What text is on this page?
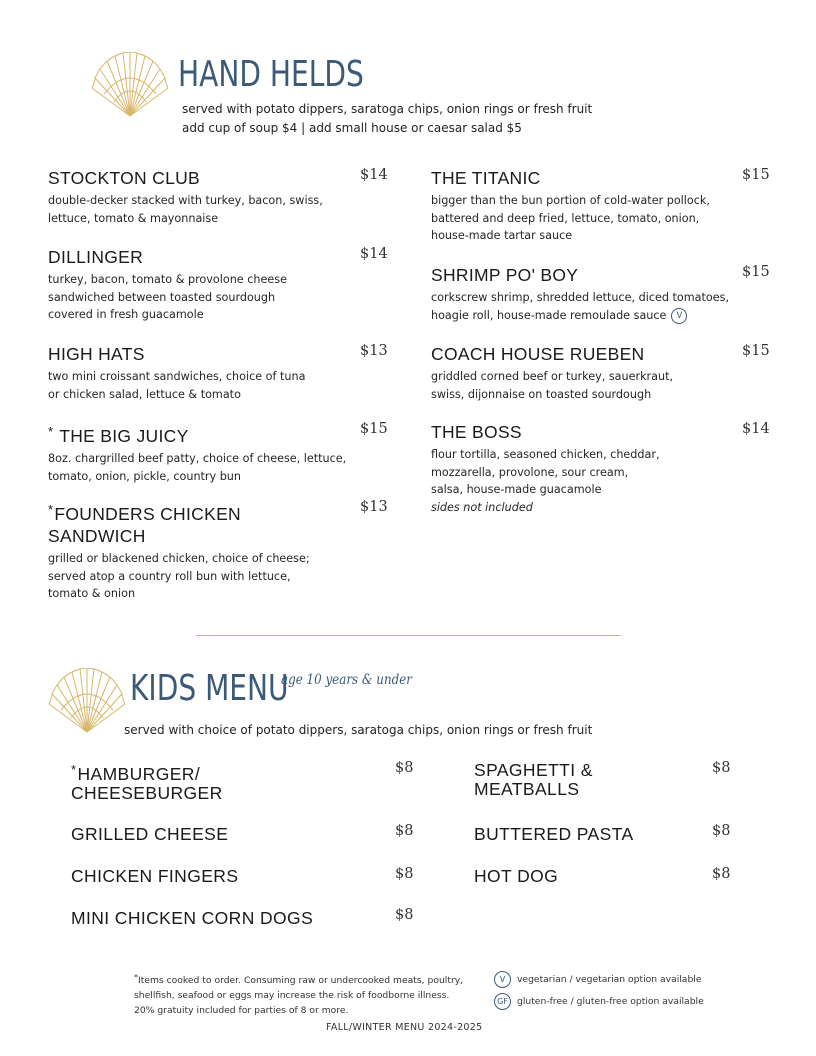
HAND HELDS
served with potato dippers, saratoga chips, onion rings or fresh fruit
add cup of soup $4 | add small house or caesar salad $5
STOCKTON CLUB
double-decker stacked with turkey, bacon, swiss,
lettuce, tomato & mayonnaise
$14
DILLINGER
turkey, bacon, tomato & provolone cheese
sandwiched between toasted sourdough
covered in fresh guacamole
$14
HIGH HATS
two mini croissant sandwiches, choice of tuna
or chicken salad, lettuce & tomato
$13
* THE BIG JUICY
8oz. chargrilled beef patty, choice of cheese, lettuce,
tomato, onion, pickle, country bun
$15
*FOUNDERS CHICKEN
SANDWICH
grilled or blackened chicken, choice of cheese;
served atop a country roll bun with lettuce,
tomato & onion
$13
THE TITANIC
bigger than the bun portion of cold-water pollock,
battered and deep fried, lettuce, tomato, onion,
house-made tartar sauce
$15
SHRIMP PO' BOY
corkscrew shrimp, shredded lettuce, diced tomatoes,
hoagie roll, house-made remoulade sauce V
$15
COACH HOUSE RUEBEN
griddled corned beef or turkey, sauerkraut,
swiss, dijonnaise on toasted sourdough
$15
THE BOSS
flour tortilla, seasoned chicken, cheddar,
mozzarella, provolone, sour cream,
salsa, house-made guacamole
sides not included
$14
KIDS MENU
age 10 years & under
served with choice of potato dippers, saratoga chips, onion rings or fresh fruit
*HAMBURGER/
CHEESEBURGER
$8
GRILLED CHEESE	$8
CHICKEN FINGERS	$8
MINI CHICKEN CORN DOGS	$8
SPAGHETTI &
MEATBALLS
$8
BUTTERED PASTA	$8
HOT DOG	$8
*Items cooked to order. Consuming raw or undercooked meats, poultry,
shellfish, seafood or eggs may increase the risk of foodborne illness.
20% gratuity included for parties of 8 or more.
V	vegetarian / vegetarian option available
GF gluten-free / gluten-free option available
FALL/WINTER MENU 2024-2025
